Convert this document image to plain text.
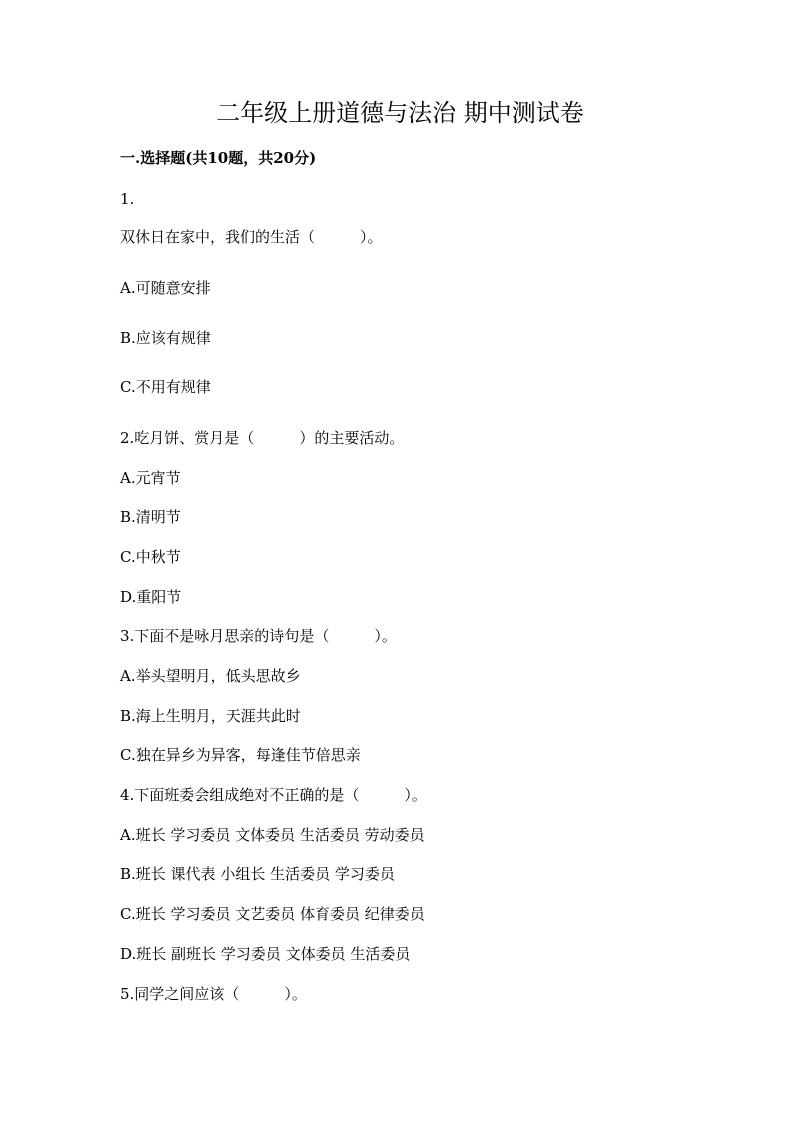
二年级上册道德与法治 期中测试卷
一.选择题(共10题，共20分)
1.
双休日在家中，我们的生活（　　　）。
A.可随意安排
B.应该有规律
C.不用有规律
2.吃月饼、赏月是（　　　）的主要活动。
A.元宵节
B.清明节
C.中秋节
D.重阳节
3.下面不是咏月思亲的诗句是（　　　）。
A.举头望明月，低头思故乡
B.海上生明月，天涯共此时
C.独在异乡为异客，每逢佳节倍思亲
4.下面班委会组成绝对不正确的是（　　　）。
A.班长 学习委员 文体委员 生活委员 劳动委员
B.班长 课代表 小组长 生活委员 学习委员
C.班长 学习委员 文艺委员 体育委员 纪律委员
D.班长 副班长 学习委员 文体委员 生活委员
5.同学之间应该（　　　）。
